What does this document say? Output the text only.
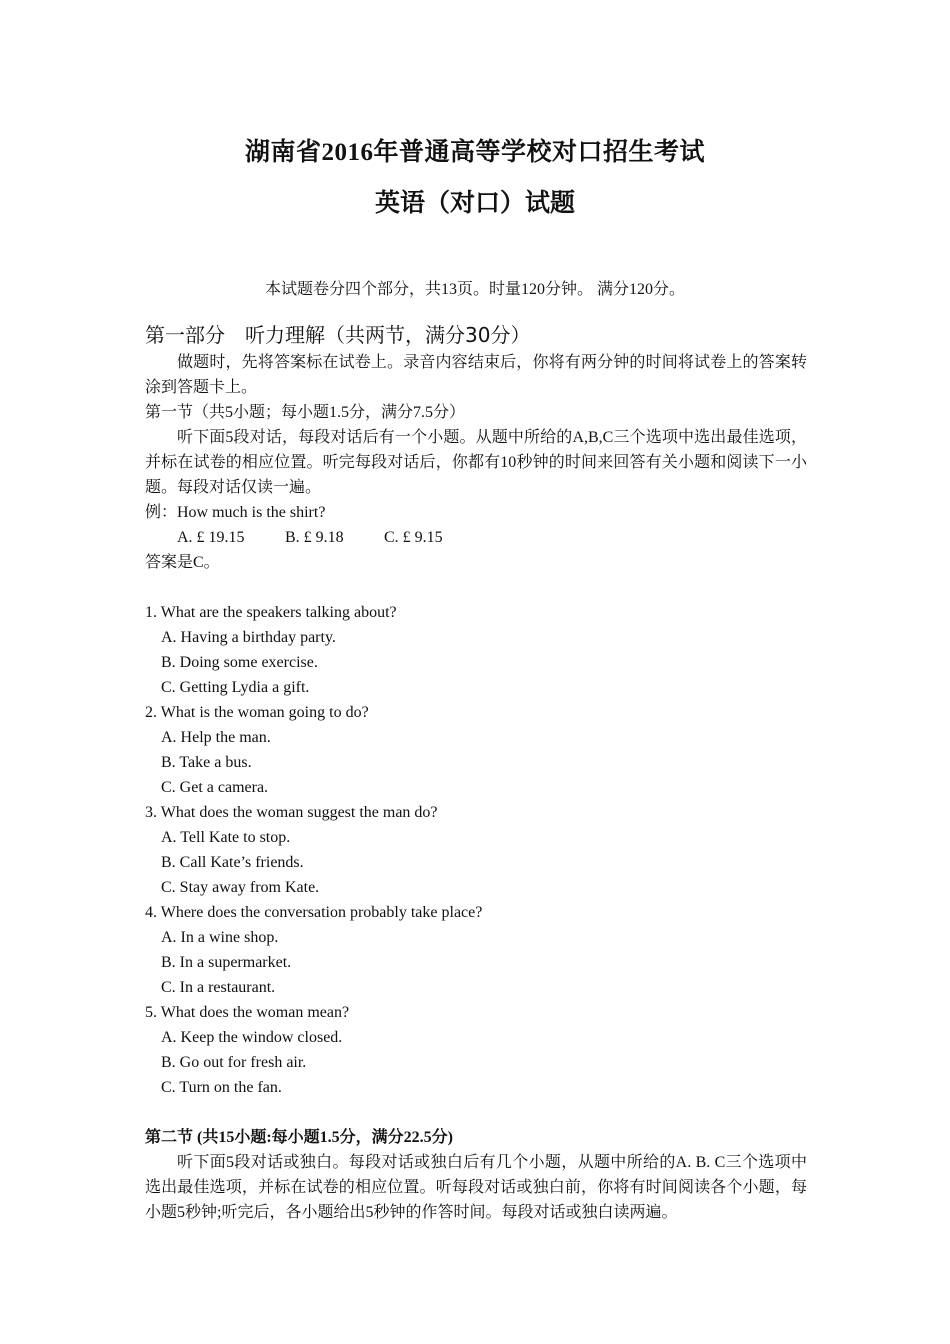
湖南省2016年普通高等学校对口招生考试
英语（对口）试题
本试题卷分四个部分，共13页。时量120分钟。 满分120分。
第一部分　听力理解（共两节，满分30分）
做题时，先将答案标在试卷上。录音内容结束后，你将有两分钟的时间将试卷上的答案转涂到答题卡上。
第一节（共5小题；每小题1.5分，满分7.5分）
听下面5段对话，每段对话后有一个小题。从题中所给的A,B,C三个选项中选出最佳选项，并标在试卷的相应位置。听完每段对话后，你都有10秒钟的时间来回答有关小题和阅读下一小题。每段对话仅读一遍。
例：How much is the shirt?
A. £ 19.15	B. £ 9.18	C. £ 9.15
答案是C。
1. What are the speakers talking about?
A. Having a birthday party.
B. Doing some exercise.
C. Getting Lydia a gift.
2. What is the woman going to do?
A. Help the man.
B. Take a bus.
C. Get a camera.
3. What does the woman suggest the man do?
A. Tell Kate to stop.
B. Call Kate’s friends.
C. Stay away from Kate.
4. Where does the conversation probably take place?
A. In a wine shop.
B. In a supermarket.
C. In a restaurant.
5. What does the woman mean?
A. Keep the window closed.
B. Go out for fresh air.
C. Turn on the fan.
第二节 (共15小题:每小题1.5分，满分22.5分)
听下面5段对话或独白。每段对话或独白后有几个小题，从题中所给的A. B. C三个选项中选出最佳选项，并标在试卷的相应位置。听每段对话或独白前，你将有时间阅读各个小题，每小题5秒钟;听完后，各小题给出5秒钟的作答时间。每段对话或独白读两遍。
